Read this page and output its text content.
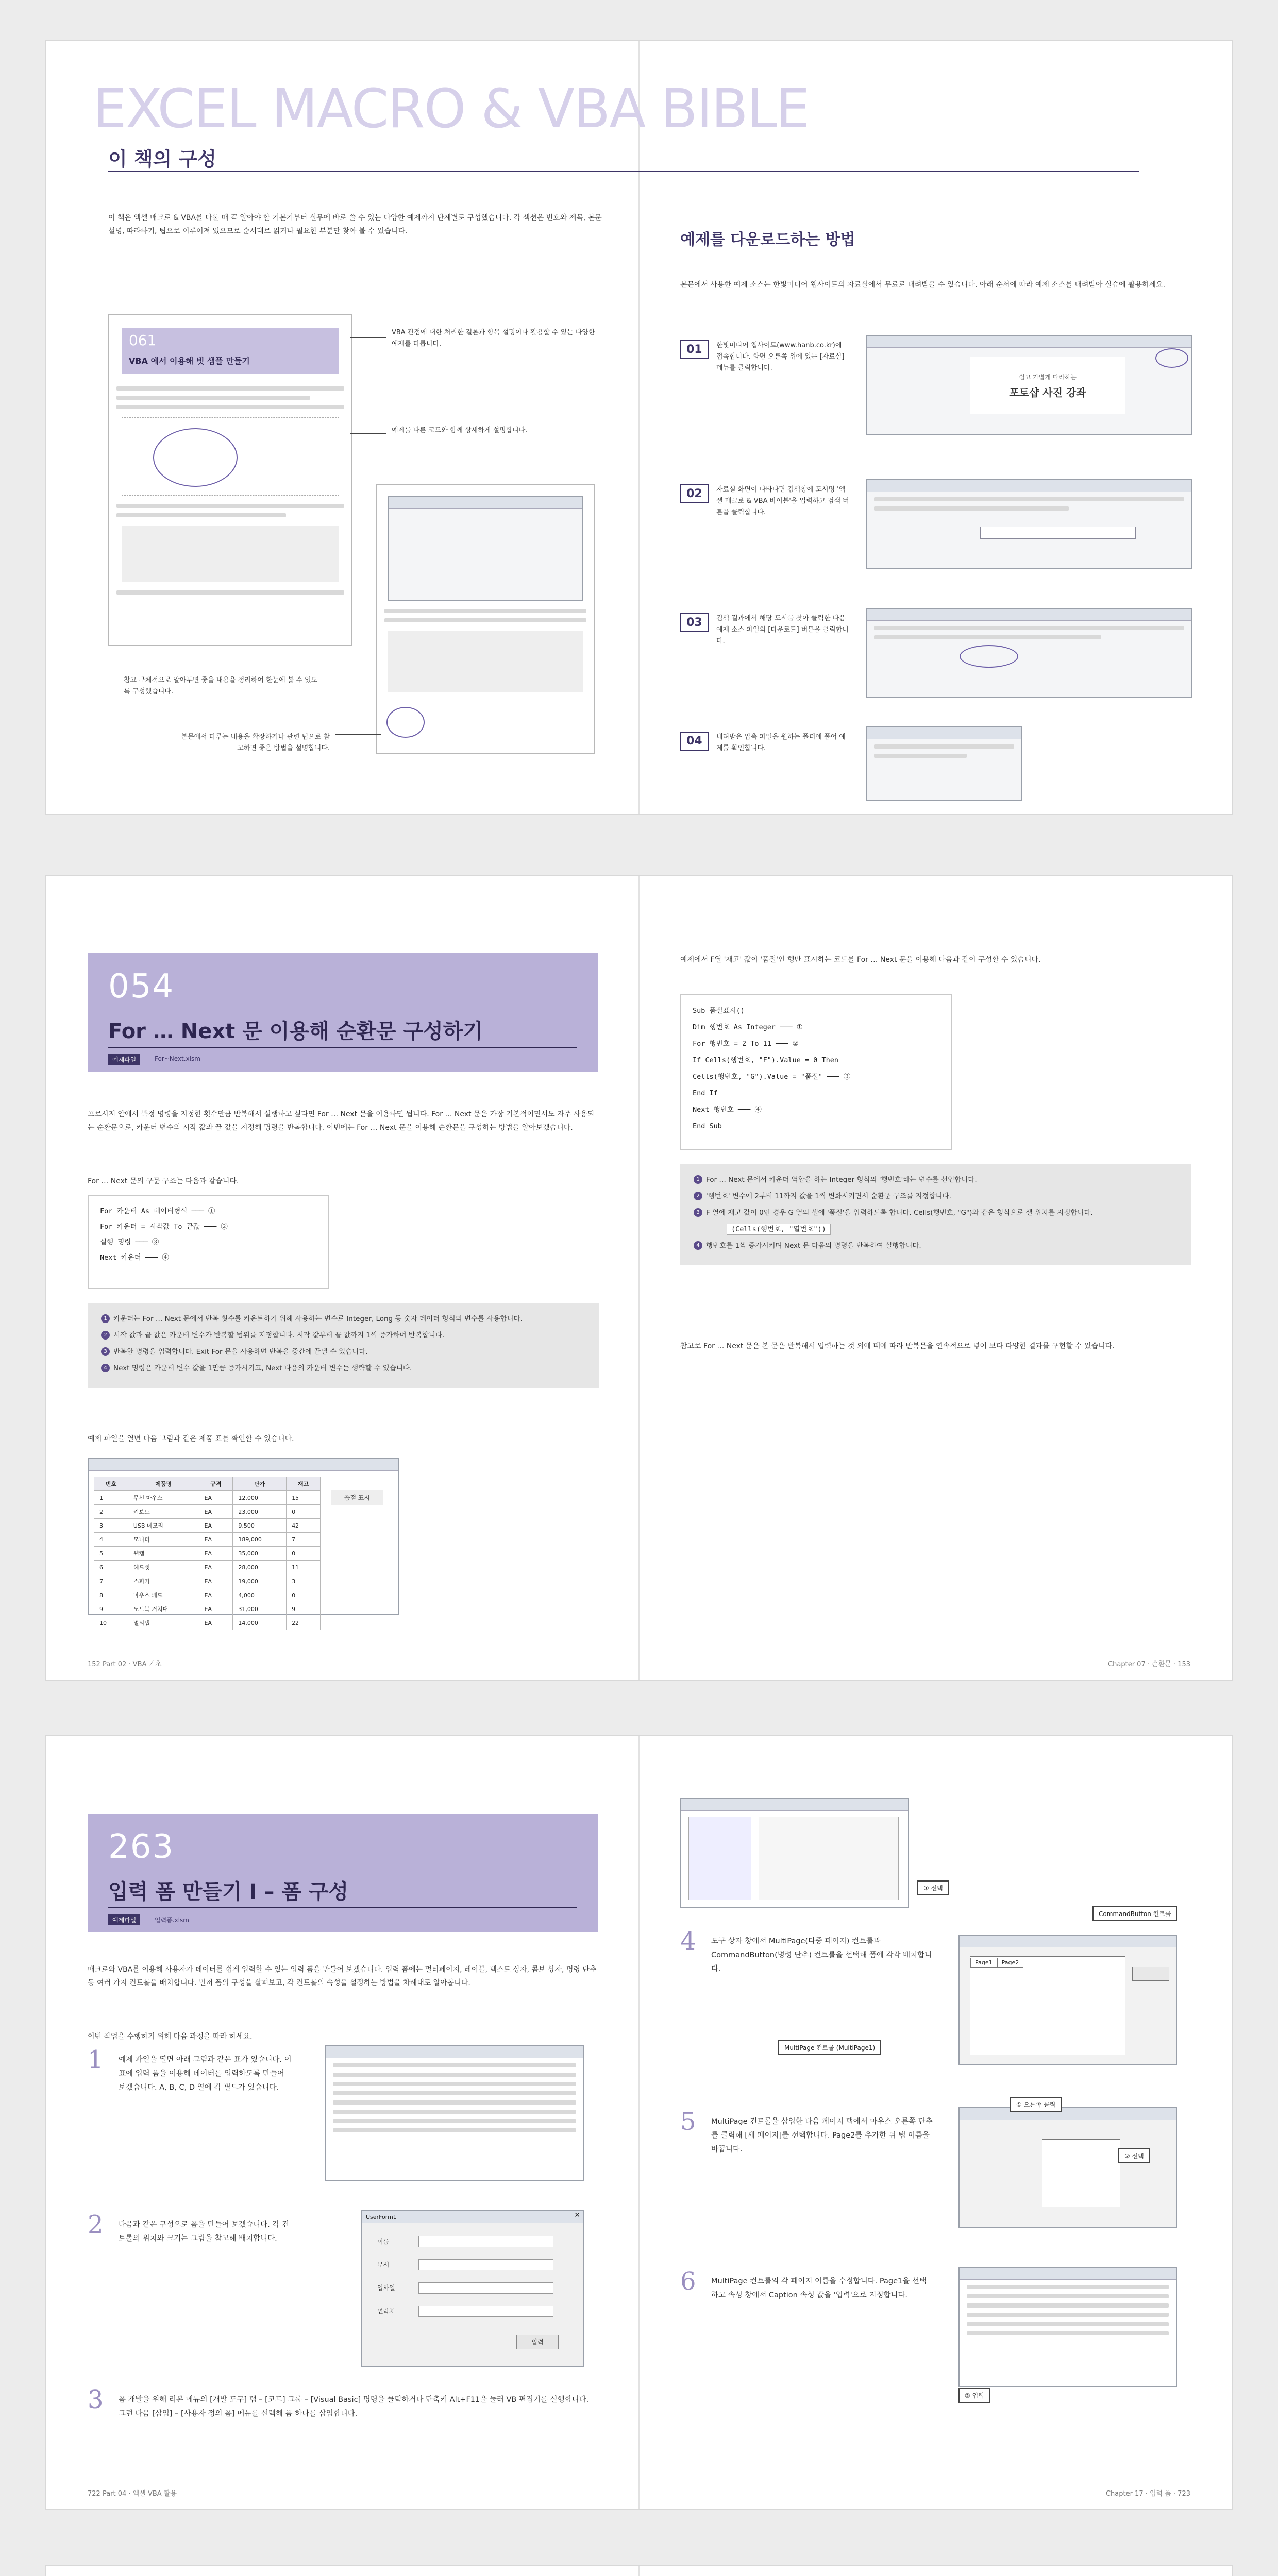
EXCEL MACRO & VBA BIBLE
이 책의 구성
이 책은 엑셀 매크로 & VBA를 다룰 때 꼭 알아야 할 기본기부터 실무에 바로 쓸 수 있는 다양한 예제까지 단계별로 구성했습니다. 각 섹션은 번호와 제목, 본문 설명, 따라하기, 팁으로 이루어져 있으므로 순서대로 읽거나 필요한 부분만 찾아 볼 수 있습니다.
061
VBA 에서 이용해 빗 샘플 만들기
VBA 관점에 대한 처리한 결론과 항목 설명이나 활용할 수 있는 다양한 예제를 다룹니다.
예제를 다른 코드와 함께 상세하게 설명합니다.
참고 구체적으로 알아두면 좋을 내용을 정리하여 한눈에 볼 수 있도록 구성했습니다.
본문에서 다루는 내용을 확장하거나 관련 팁으로 참고하면 좋은 방법을 설명합니다.
예제를 다운로드하는 방법
본문에서 사용한 예제 소스는 한빛미디어 웹사이트의 자료실에서 무료로 내려받을 수 있습니다. 아래 순서에 따라 예제 소스를 내려받아 실습에 활용하세요.
01	한빛미디어 웹사이트(www.hanb.co.kr)에 접속합니다. 화면 오른쪽 위에 있는 [자료실] 메뉴를 클릭합니다.
쉽고 가볍게 따라하는
포토샵 사진 강좌
02	자료실 화면이 나타나면 검색창에 도서명 '엑셀 매크로 & VBA 바이블'을 입력하고 검색 버튼을 클릭합니다.
03	검색 결과에서 해당 도서를 찾아 클릭한 다음 예제 소스 파일의 [다운로드] 버튼을 클릭합니다.
04	내려받은 압축 파일을 원하는 폴더에 풀어 예제를 확인합니다.
054
For … Next 문 이용해 순환문 구성하기
예제파일	For~Next.xlsm
프로시저 안에서 특정 명령을 지정한 횟수만큼 반복해서 실행하고 싶다면 For … Next 문을 이용하면 됩니다. For … Next 문은 가장 기본적이면서도 자주 사용되는 순환문으로, 카운터 변수의 시작 값과 끝 값을 지정해 명령을 반복합니다. 이번에는 For … Next 문을 이용해 순환문을 구성하는 방법을 알아보겠습니다.
For … Next 문의 구문 구조는 다음과 같습니다.
For 카운터 As 데이터형식 ─── ①
For 카운터 = 시작값 To 끝값 ─── ②
실행 명령 ─── ③
Next 카운터 ─── ④
1 카운터는 For … Next 문에서 반복 횟수를 카운트하기 위해 사용하는 변수로 Integer, Long 등 숫자 데이터 형식의 변수를 사용합니다.
2 시작 값과 끝 값은 카운터 변수가 반복할 범위를 지정합니다. 시작 값부터 끝 값까지 1씩 증가하며 반복합니다.
3 반복할 명령을 입력합니다. Exit For 문을 사용하면 반복을 중간에 끝낼 수 있습니다.
4 Next 명령은 카운터 변수 값을 1만큼 증가시키고, Next 다음의 카운터 변수는 생략할 수 있습니다.
예제 파일을 열면 다음 그림과 같은 제품 표를 확인할 수 있습니다.
번호	제품명	규격	단가	재고
1	무선 마우스	EA	12,000	15
2	키보드	EA	23,000	0
3	USB 메모리	EA	9,500	42
4	모니터	EA	189,000	7
5	웹캠	EA	35,000	0
6	헤드셋	EA	28,000	11
7	스피커	EA	19,000	3
8	마우스 패드	EA	4,000	0
9	노트북 거치대	EA	31,000	9
10	멀티탭	EA	14,000	22
품절 표시
152 Part 02 · VBA 기초
예제에서 F열 '재고' 값이 '품절'인 행만 표시하는 코드를 For … Next 문을 이용해 다음과 같이 구성할 수 있습니다.
Sub 품절표시()
Dim 행번호 As Integer ─── ①
For 행번호 = 2 To 11 ─── ②
If Cells(행번호, "F").Value = 0 Then
Cells(행번호, "G").Value = "품절" ─── ③
End If
Next 행번호 ─── ④
End Sub
1 For … Next 문에서 카운터 역할을 하는 Integer 형식의 '행번호'라는 변수를 선언합니다.
2 '행번호' 변수에 2부터 11까지 값을 1씩 변화시키면서 순환문 구조를 지정합니다.
3 F 열에 재고 값이 0인 경우 G 열의 셀에 '품절'을 입력하도록 합니다. Cells(행번호, "G")와 같은 형식으로 셀 위치를 지정합니다.
(Cells(행번호, "열번호"))
4 행번호를 1씩 증가시키며 Next 문 다음의 명령을 반복하여 실행합니다.
참고로 For … Next 문은 본 문은 반복해서 입력하는 것 외에 때에 따라 반복문을 연속적으로 넣어 보다 다양한 결과를 구현할 수 있습니다.
Chapter 07 · 순환문 · 153
263
입력 폼 만들기 I – 폼 구성
예제파일	입력폼.xlsm
매크로와 VBA를 이용해 사용자가 데이터를 쉽게 입력할 수 있는 입력 폼을 만들어 보겠습니다. 입력 폼에는 멀티페이지, 레이블, 텍스트 상자, 콤보 상자, 명령 단추 등 여러 가지 컨트롤을 배치합니다. 먼저 폼의 구성을 살펴보고, 각 컨트롤의 속성을 설정하는 방법을 차례대로 알아봅니다.
이번 작업을 수행하기 위해 다음 과정을 따라 하세요.
1 예제 파일을 열면 아래 그림과 같은 표가 있습니다. 이 표에 입력 폼을 이용해 데이터를 입력하도록 만들어 보겠습니다. A, B, C, D 열에 각 필드가 있습니다.
2 다음과 같은 구성으로 폼을 만들어 보겠습니다. 각 컨트롤의 위치와 크기는 그림을 참고해 배치합니다.
UserForm1	✕
이름
부서
입사일
연락처
입력
3 폼 개발을 위해 리본 메뉴의 [개발 도구] 탭 – [코드] 그룹 – [Visual Basic] 명령을 클릭하거나 단축키 Alt+F11을 눌러 VB 편집기를 실행합니다. 그런 다음 [삽입] – [사용자 정의 폼] 메뉴를 선택해 폼 하나를 삽입합니다.
722 Part 04 · 엑셀 VBA 활용
① 선택
4 도구 상자 창에서 MultiPage(다중 페이지) 컨트롤과 CommandButton(명령 단추) 컨트롤을 선택해 폼에 각각 배치합니다.
CommandButton 컨트롤
Page1 Page2
MultiPage 컨트롤 (MultiPage1)
5 MultiPage 컨트롤을 삽입한 다음 페이지 탭에서 마우스 오른쪽 단추를 클릭해 [새 페이지]를 선택합니다. Page2를 추가한 뒤 탭 이름을 바꿉니다.
① 오른쪽 클릭
② 선택
6 MultiPage 컨트롤의 각 페이지 이름을 수정합니다. Page1을 선택하고 속성 창에서 Caption 속성 값을 '입력'으로 지정합니다.
② 입력
Chapter 17 · 입력 폼 · 723
